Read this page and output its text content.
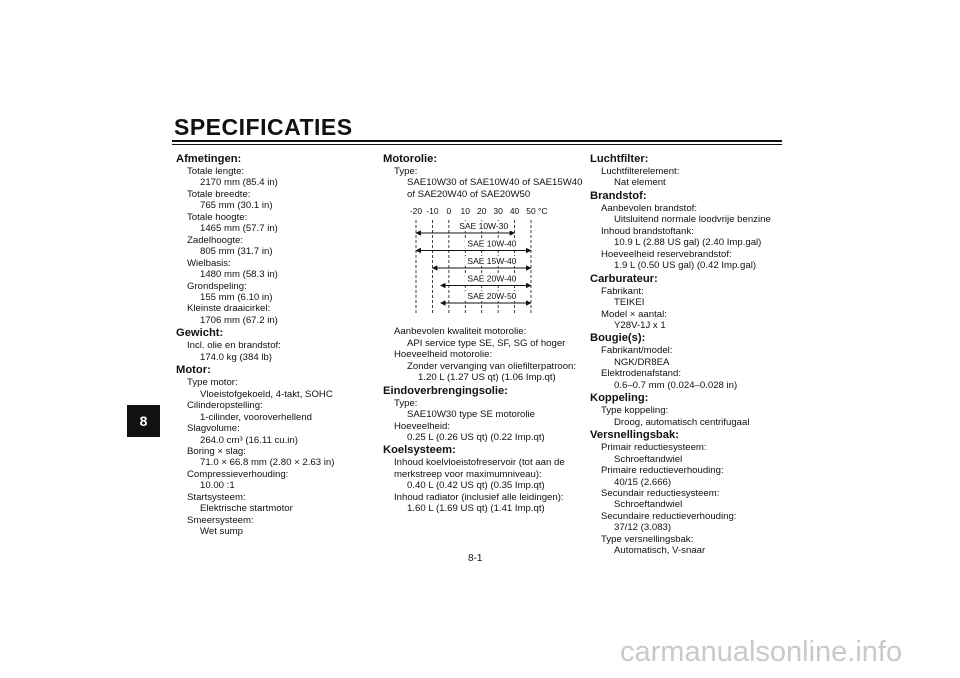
SPECIFICATIES
8
Afmetingen:
Totale lengte:
2170 mm (85.4 in)
Totale breedte:
765 mm (30.1 in)
Totale hoogte:
1465 mm (57.7 in)
Zadelhoogte:
805 mm (31.7 in)
Wielbasis:
1480 mm (58.3 in)
Grondspeling:
155 mm (6.10 in)
Kleinste draaicirkel:
1706 mm (67.2 in)
Gewicht:
Incl. olie en brandstof:
174.0 kg (384 lb)
Motor:
Type motor:
Vloeistofgekoeld, 4-takt, SOHC
Cilinderopstelling:
1-cilinder, vooroverhellend
Slagvolume:
264.0 cm³ (16.11 cu.in)
Boring × slag:
71.0 × 66.8 mm (2.80 × 2.63 in)
Compressieverhouding:
10.00 :1
Startsysteem:
Elektrische startmotor
Smeersysteem:
Wet sump
Motorolie:
Type:
SAE10W30 of SAE10W40 of SAE15W40
of SAE20W40 of SAE20W50
-20 -10 0 10 20 30 40 50 °C
SAE 10W-30
SAE 10W-40
SAE 15W-40
SAE 20W-40
SAE 20W-50
Aanbevolen kwaliteit motorolie:
API service type SE, SF, SG of hoger
Hoeveelheid motorolie:
Zonder vervanging van oliefilterpatroon:
1.20 L (1.27 US qt) (1.06 Imp.qt)
Eindoverbrengingsolie:
Type:
SAE10W30 type SE motorolie
Hoeveelheid:
0.25 L (0.26 US qt) (0.22 Imp.qt)
Koelsysteem:
Inhoud koelvloeistofreservoir (tot aan de
merkstreep voor maximumniveau):
0.40 L (0.42 US qt) (0.35 Imp.qt)
Inhoud radiator (inclusief alle leidingen):
1.60 L (1.69 US qt) (1.41 Imp.qt)
Luchtfilter:
Luchtfilterelement:
Nat element
Brandstof:
Aanbevolen brandstof:
Uitsluitend normale loodvrije benzine
Inhoud brandstoftank:
10.9 L (2.88 US gal) (2.40 Imp.gal)
Hoeveelheid reservebrandstof:
1.9 L (0.50 US gal) (0.42 Imp.gal)
Carburateur:
Fabrikant:
TEIKEI
Model × aantal:
Y28V-1J x 1
Bougie(s):
Fabrikant/model:
NGK/DR8EA
Elektrodenafstand:
0.6–0.7 mm (0.024–0.028 in)
Koppeling:
Type koppeling:
Droog, automatisch centrifugaal
Versnellingsbak:
Primair reductiesysteem:
Schroeftandwiel
Primaire reductieverhouding:
40/15 (2.666)
Secundair reductiesysteem:
Schroeftandwiel
Secundaire reductieverhouding:
37/12 (3.083)
Type versnellingsbak:
Automatisch, V-snaar
8-1
carmanualsonline.info
